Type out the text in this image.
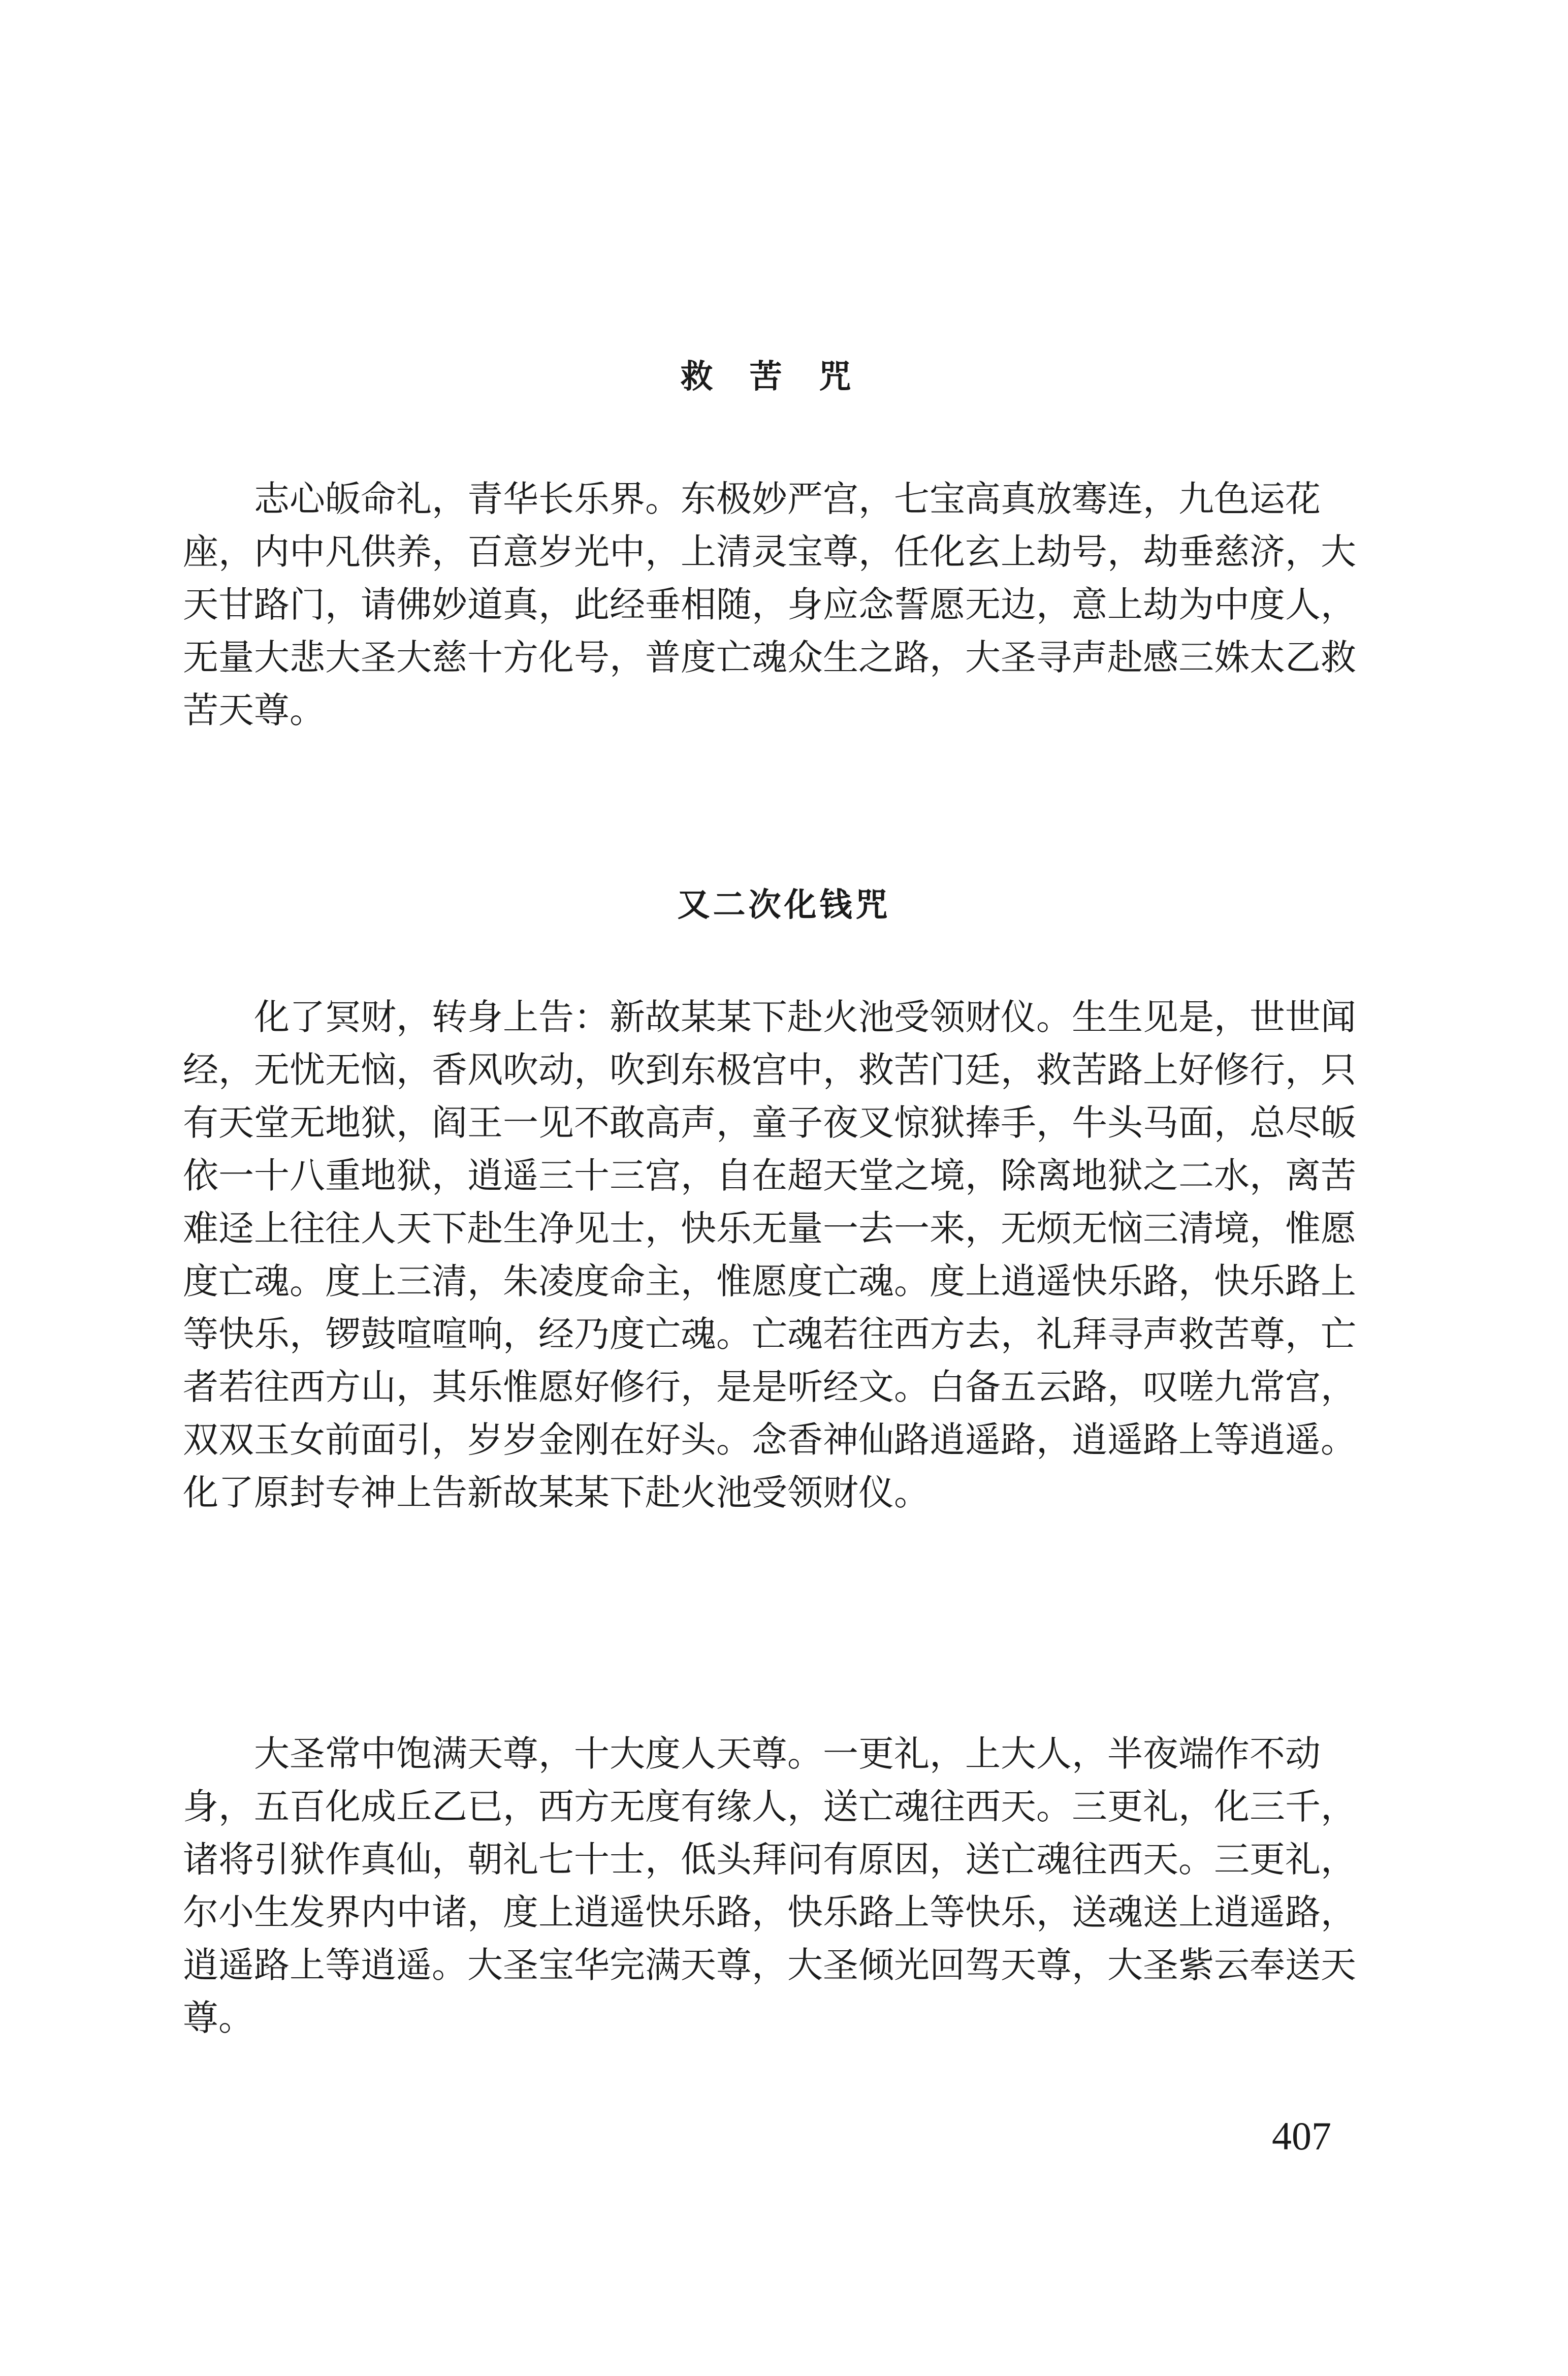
救苦咒

志心皈命礼，青华长乐界。东极妙严宫，七宝高真放骞连，九色运花座，内中凡供养，百意岁光中，上清灵宝尊，任化玄上劫号，劫垂慈济，大天甘路门，请佛妙道真，此经垂相随，身应念誓愿无边，意上劫为中度人，无量大悲大圣大慈十方化号，普度亡魂众生之路，大圣寻声赴感三姝太乙救苦天尊。

又二次化钱咒

化了冥财，转身上告：新故某某下赴火池受领财仪。生生见是，世世闻经，无忧无恼，香风吹动，吹到东极宫中，救苦门廷，救苦路上好修行，只有天堂无地狱，阎王一见不敢高声，童子夜叉惊狱捧手，牛头马面，总尽皈依一十八重地狱，逍遥三十三宫，自在超天堂之境，除离地狱之二水，离苦难迳上往往人天下赴生净见士，快乐无量一去一来，无烦无恼三清境，惟愿度亡魂。度上三清，朱凌度命主，惟愿度亡魂。度上逍遥快乐路，快乐路上等快乐，锣鼓喧喧响，经乃度亡魂。亡魂若往西方去，礼拜寻声救苦尊，亡者若往西方山，其乐惟愿好修行，是是听经文。白备五云路，叹嗟九常宫，双双玉女前面引，岁岁金刚在好头。念香神仙路逍遥路，逍遥路上等逍遥。化了原封专神上告新故某某下赴火池受领财仪。

大圣常中饱满天尊，十大度人天尊。一更礼，上大人，半夜端作不动身，五百化成丘乙已，西方无度有缘人，送亡魂往西天。三更礼，化三千，诸将引狱作真仙，朝礼七十士，低头拜问有原因，送亡魂往西天。三更礼，尔小生发界内中诸，度上逍遥快乐路，快乐路上等快乐，送魂送上逍遥路，逍遥路上等逍遥。大圣宝华完满天尊，大圣倾光回驾天尊，大圣紫云奉送天尊。

407
